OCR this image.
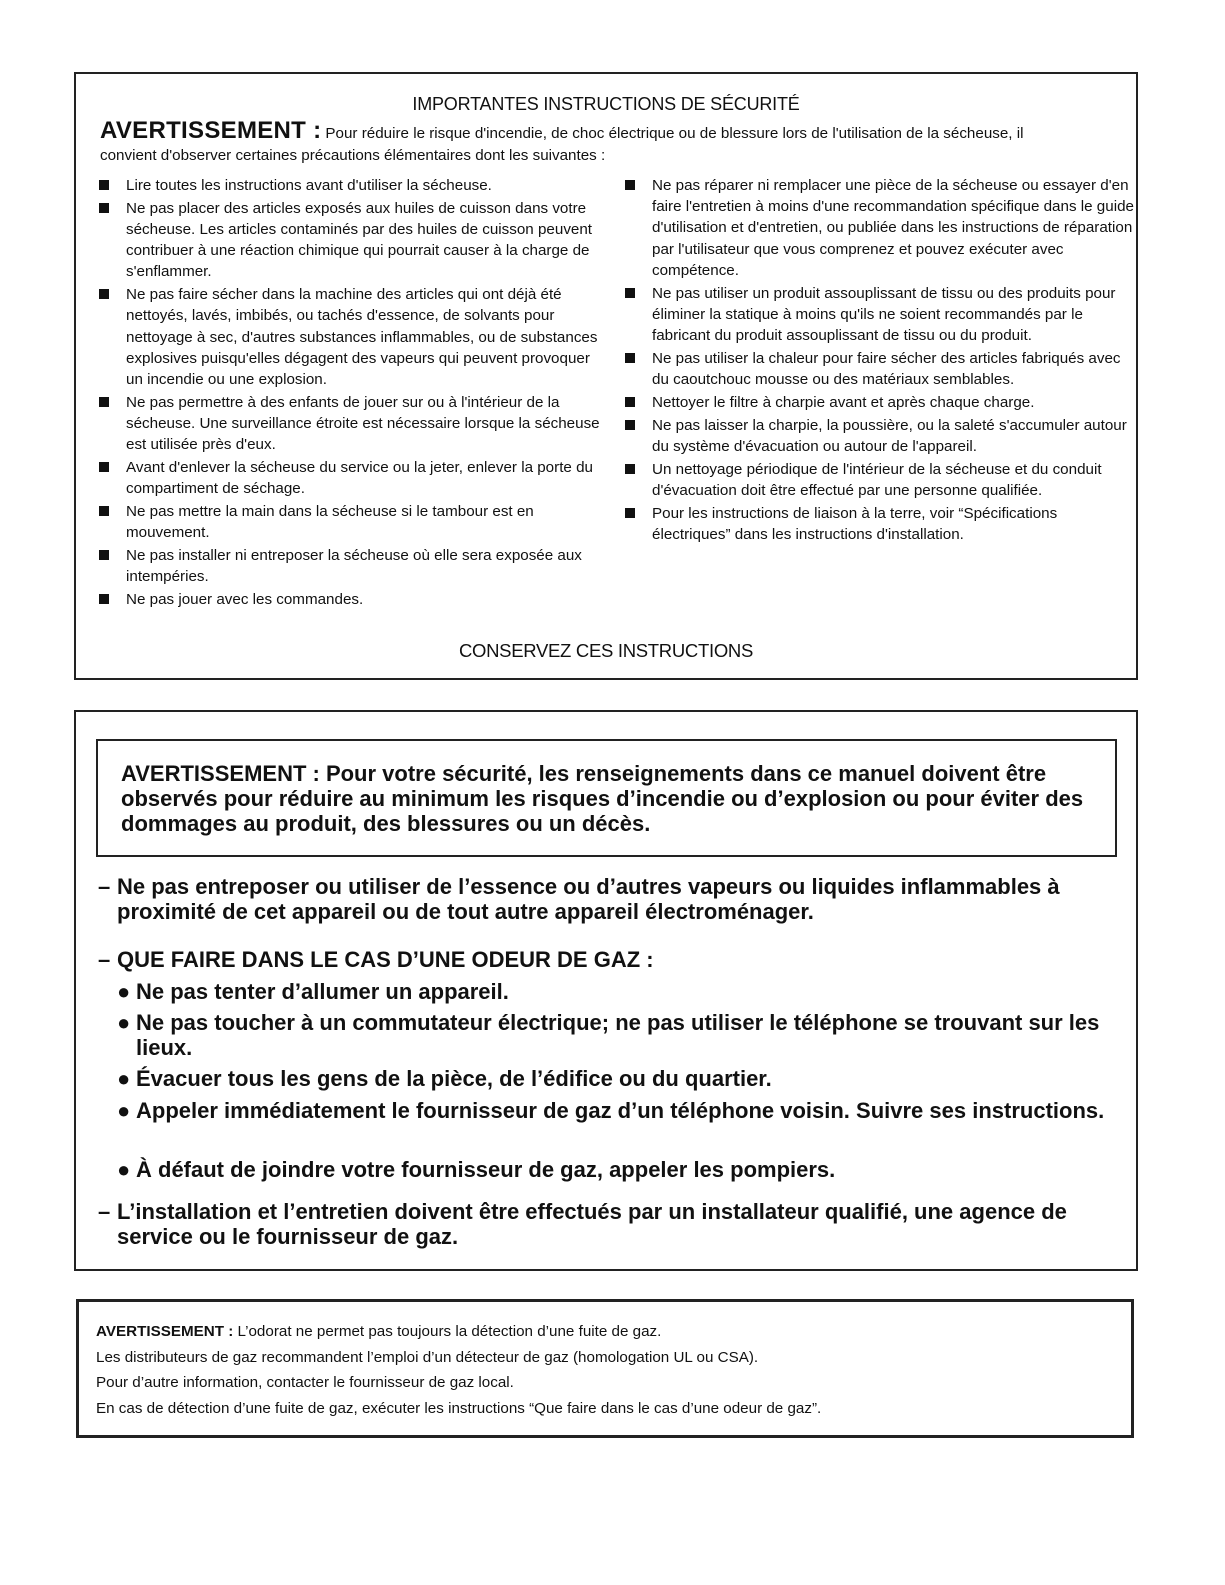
IMPORTANTES INSTRUCTIONS DE SÉCURITÉ
AVERTISSEMENT : Pour réduire le risque d'incendie, de choc électrique ou de blessure lors de l'utilisation de la sécheuse, il convient d'observer certaines précautions élémentaires dont les suivantes :
Lire toutes les instructions avant d'utiliser la sécheuse.
Ne pas placer des articles exposés aux huiles de cuisson dans votre sécheuse. Les articles contaminés par des huiles de cuisson peuvent contribuer à une réaction chimique qui pourrait causer à la charge de s'enflammer.
Ne pas faire sécher dans la machine des articles qui ont déjà été nettoyés, lavés, imbibés, ou tachés d'essence, de solvants pour nettoyage à sec, d'autres substances inflammables, ou de substances explosives puisqu'elles dégagent des vapeurs qui peuvent provoquer un incendie ou une explosion.
Ne pas permettre à des enfants de jouer sur ou à l'intérieur de la sécheuse. Une surveillance étroite est nécessaire lorsque la sécheuse est utilisée près d'eux.
Avant d'enlever la sécheuse du service ou la jeter, enlever la porte du compartiment de séchage.
Ne pas mettre la main dans la sécheuse si le tambour est en mouvement.
Ne pas installer ni entreposer la sécheuse où elle sera exposée aux intempéries.
Ne pas jouer avec les commandes.
Ne pas réparer ni remplacer une pièce de la sécheuse ou essayer d'en faire l'entretien à moins d'une recommandation spécifique dans le guide d'utilisation et d'entretien, ou publiée dans les instructions de réparation par l'utilisateur que vous comprenez et pouvez exécuter avec compétence.
Ne pas utiliser un produit assouplissant de tissu ou des produits pour éliminer la statique à moins qu'ils ne soient recommandés par le fabricant du produit assouplissant de tissu ou du produit.
Ne pas utiliser la chaleur pour faire sécher des articles fabriqués avec du caoutchouc mousse ou des matériaux semblables.
Nettoyer le filtre à charpie avant et après chaque charge.
Ne pas laisser la charpie, la poussière, ou la saleté s'accumuler autour du système d'évacuation ou autour de l'appareil.
Un nettoyage périodique de l'intérieur de la sécheuse et du conduit d'évacuation doit être effectué par une personne qualifiée.
Pour les instructions de liaison à la terre, voir “Spécifications électriques” dans les instructions d'installation.
CONSERVEZ CES INSTRUCTIONS
AVERTISSEMENT : Pour votre sécurité, les renseignements dans ce manuel doivent être observés pour réduire au minimum les risques d’incendie ou d’explosion ou pour éviter des dommages au produit, des blessures ou un décès.
– Ne pas entreposer ou utiliser de l’essence ou d’autres vapeurs ou liquides inflammables à proximité de cet appareil ou de tout autre appareil électroménager.
– QUE FAIRE DANS LE CAS D’UNE ODEUR DE GAZ :
● Ne pas tenter d’allumer un appareil.
● Ne pas toucher à un commutateur électrique; ne pas utiliser le téléphone se trouvant sur les lieux.
● Évacuer tous les gens de la pièce, de l’édifice ou du quartier.
● Appeler immédiatement le fournisseur de gaz d’un téléphone voisin. Suivre ses instructions.
● À défaut de joindre votre fournisseur de gaz, appeler les pompiers.
– L’installation et l’entretien doivent être effectués par un installateur qualifié, une agence de service ou le fournisseur de gaz.
AVERTISSEMENT : L’odorat ne permet pas toujours la détection d’une fuite de gaz.
Les distributeurs de gaz recommandent l’emploi d’un détecteur de gaz (homologation UL ou CSA).
Pour d’autre information, contacter le fournisseur de gaz local.
En cas de détection d’une fuite de gaz, exécuter les instructions “Que faire dans le cas d’une odeur de gaz”.
